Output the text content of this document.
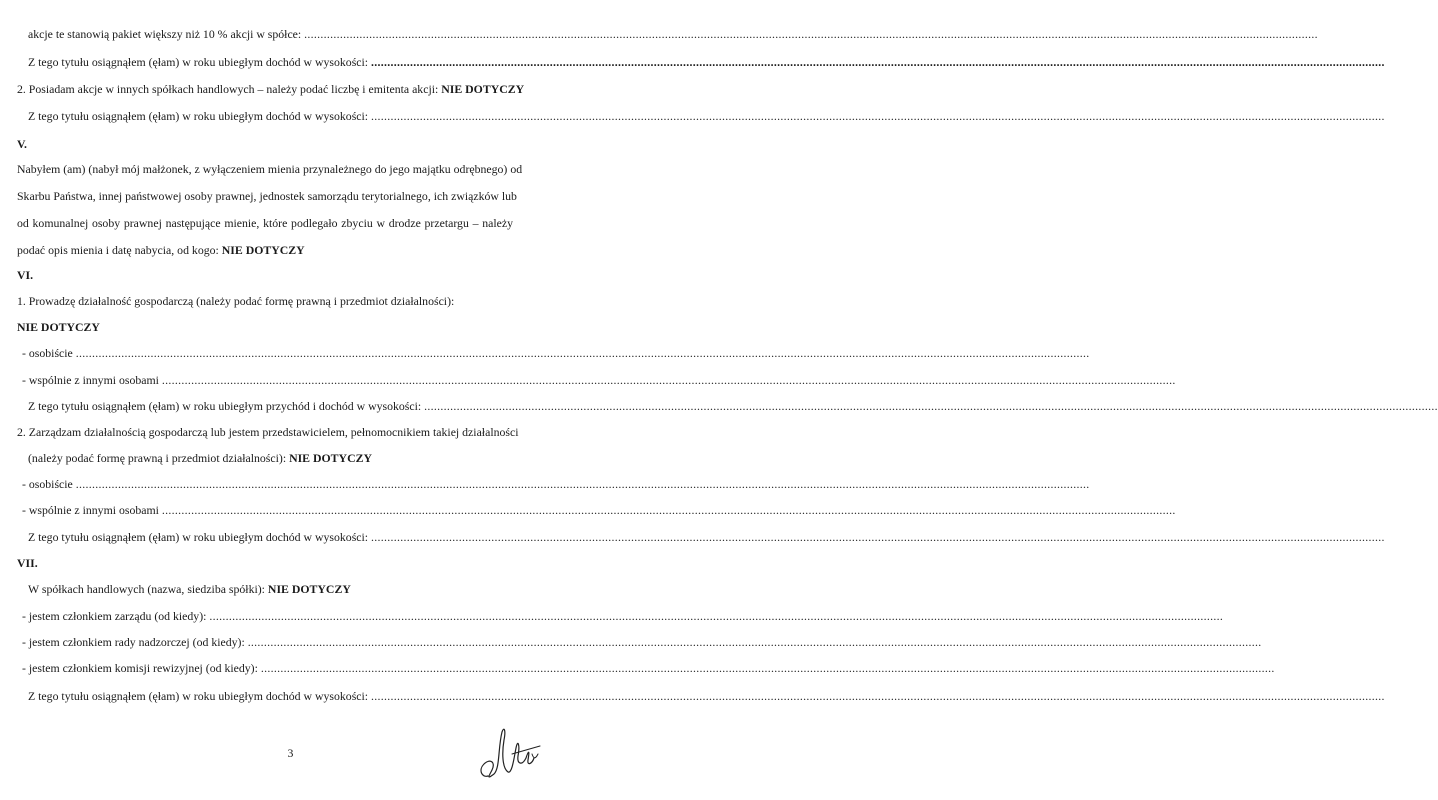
akcje te stanowią pakiet większy niż 10 % akcji w spółce: ........................................................................................................................................................................................................................................................................................................................
Z tego tytułu osiągnąłem (ęłam) w roku ubiegłym dochód w wysokości: ........................................................................................................................................................................................................................................................................................................................
2. Posiadam akcje w innych spółkach handlowych – należy podać liczbę i emitenta akcji: NIE DOTYCZY
Z tego tytułu osiągnąłem (ęłam) w roku ubiegłym dochód w wysokości: ........................................................................................................................................................................................................................................................................................................................
V.
Nabyłem (am) (nabył mój małżonek, z wyłączeniem mienia przynależnego do jego majątku odrębnego) od
Skarbu Państwa, innej państwowej osoby prawnej, jednostek samorządu terytorialnego, ich związków lub
od komunalnej osoby prawnej następujące mienie, które podlegało zbyciu w drodze przetargu – należy
podać opis mienia i datę nabycia, od kogo: NIE DOTYCZY
VI.
1. Prowadzę działalność gospodarczą (należy podać formę prawną i przedmiot działalności):
NIE DOTYCZY
- osobiście ........................................................................................................................................................................................................................................................................................................................
- wspólnie z innymi osobami ........................................................................................................................................................................................................................................................................................................................
Z tego tytułu osiągnąłem (ęłam) w roku ubiegłym przychód i dochód w wysokości: ........................................................................................................................................................................................................................................................................................................................
2. Zarządzam działalnością gospodarczą lub jestem przedstawicielem, pełnomocnikiem takiej działalności
(należy podać formę prawną i przedmiot działalności): NIE DOTYCZY
- osobiście ........................................................................................................................................................................................................................................................................................................................
- wspólnie z innymi osobami ........................................................................................................................................................................................................................................................................................................................
Z tego tytułu osiągnąłem (ęłam) w roku ubiegłym dochód w wysokości: ........................................................................................................................................................................................................................................................................................................................
VII.
W spółkach handlowych (nazwa, siedziba spółki): NIE DOTYCZY
- jestem członkiem zarządu (od kiedy): ........................................................................................................................................................................................................................................................................................................................
- jestem członkiem rady nadzorczej (od kiedy): ........................................................................................................................................................................................................................................................................................................................
- jestem członkiem komisji rewizyjnej (od kiedy): ........................................................................................................................................................................................................................................................................................................................
Z tego tytułu osiągnąłem (ęłam) w roku ubiegłym dochód w wysokości: ........................................................................................................................................................................................................................................................................................................................
3
